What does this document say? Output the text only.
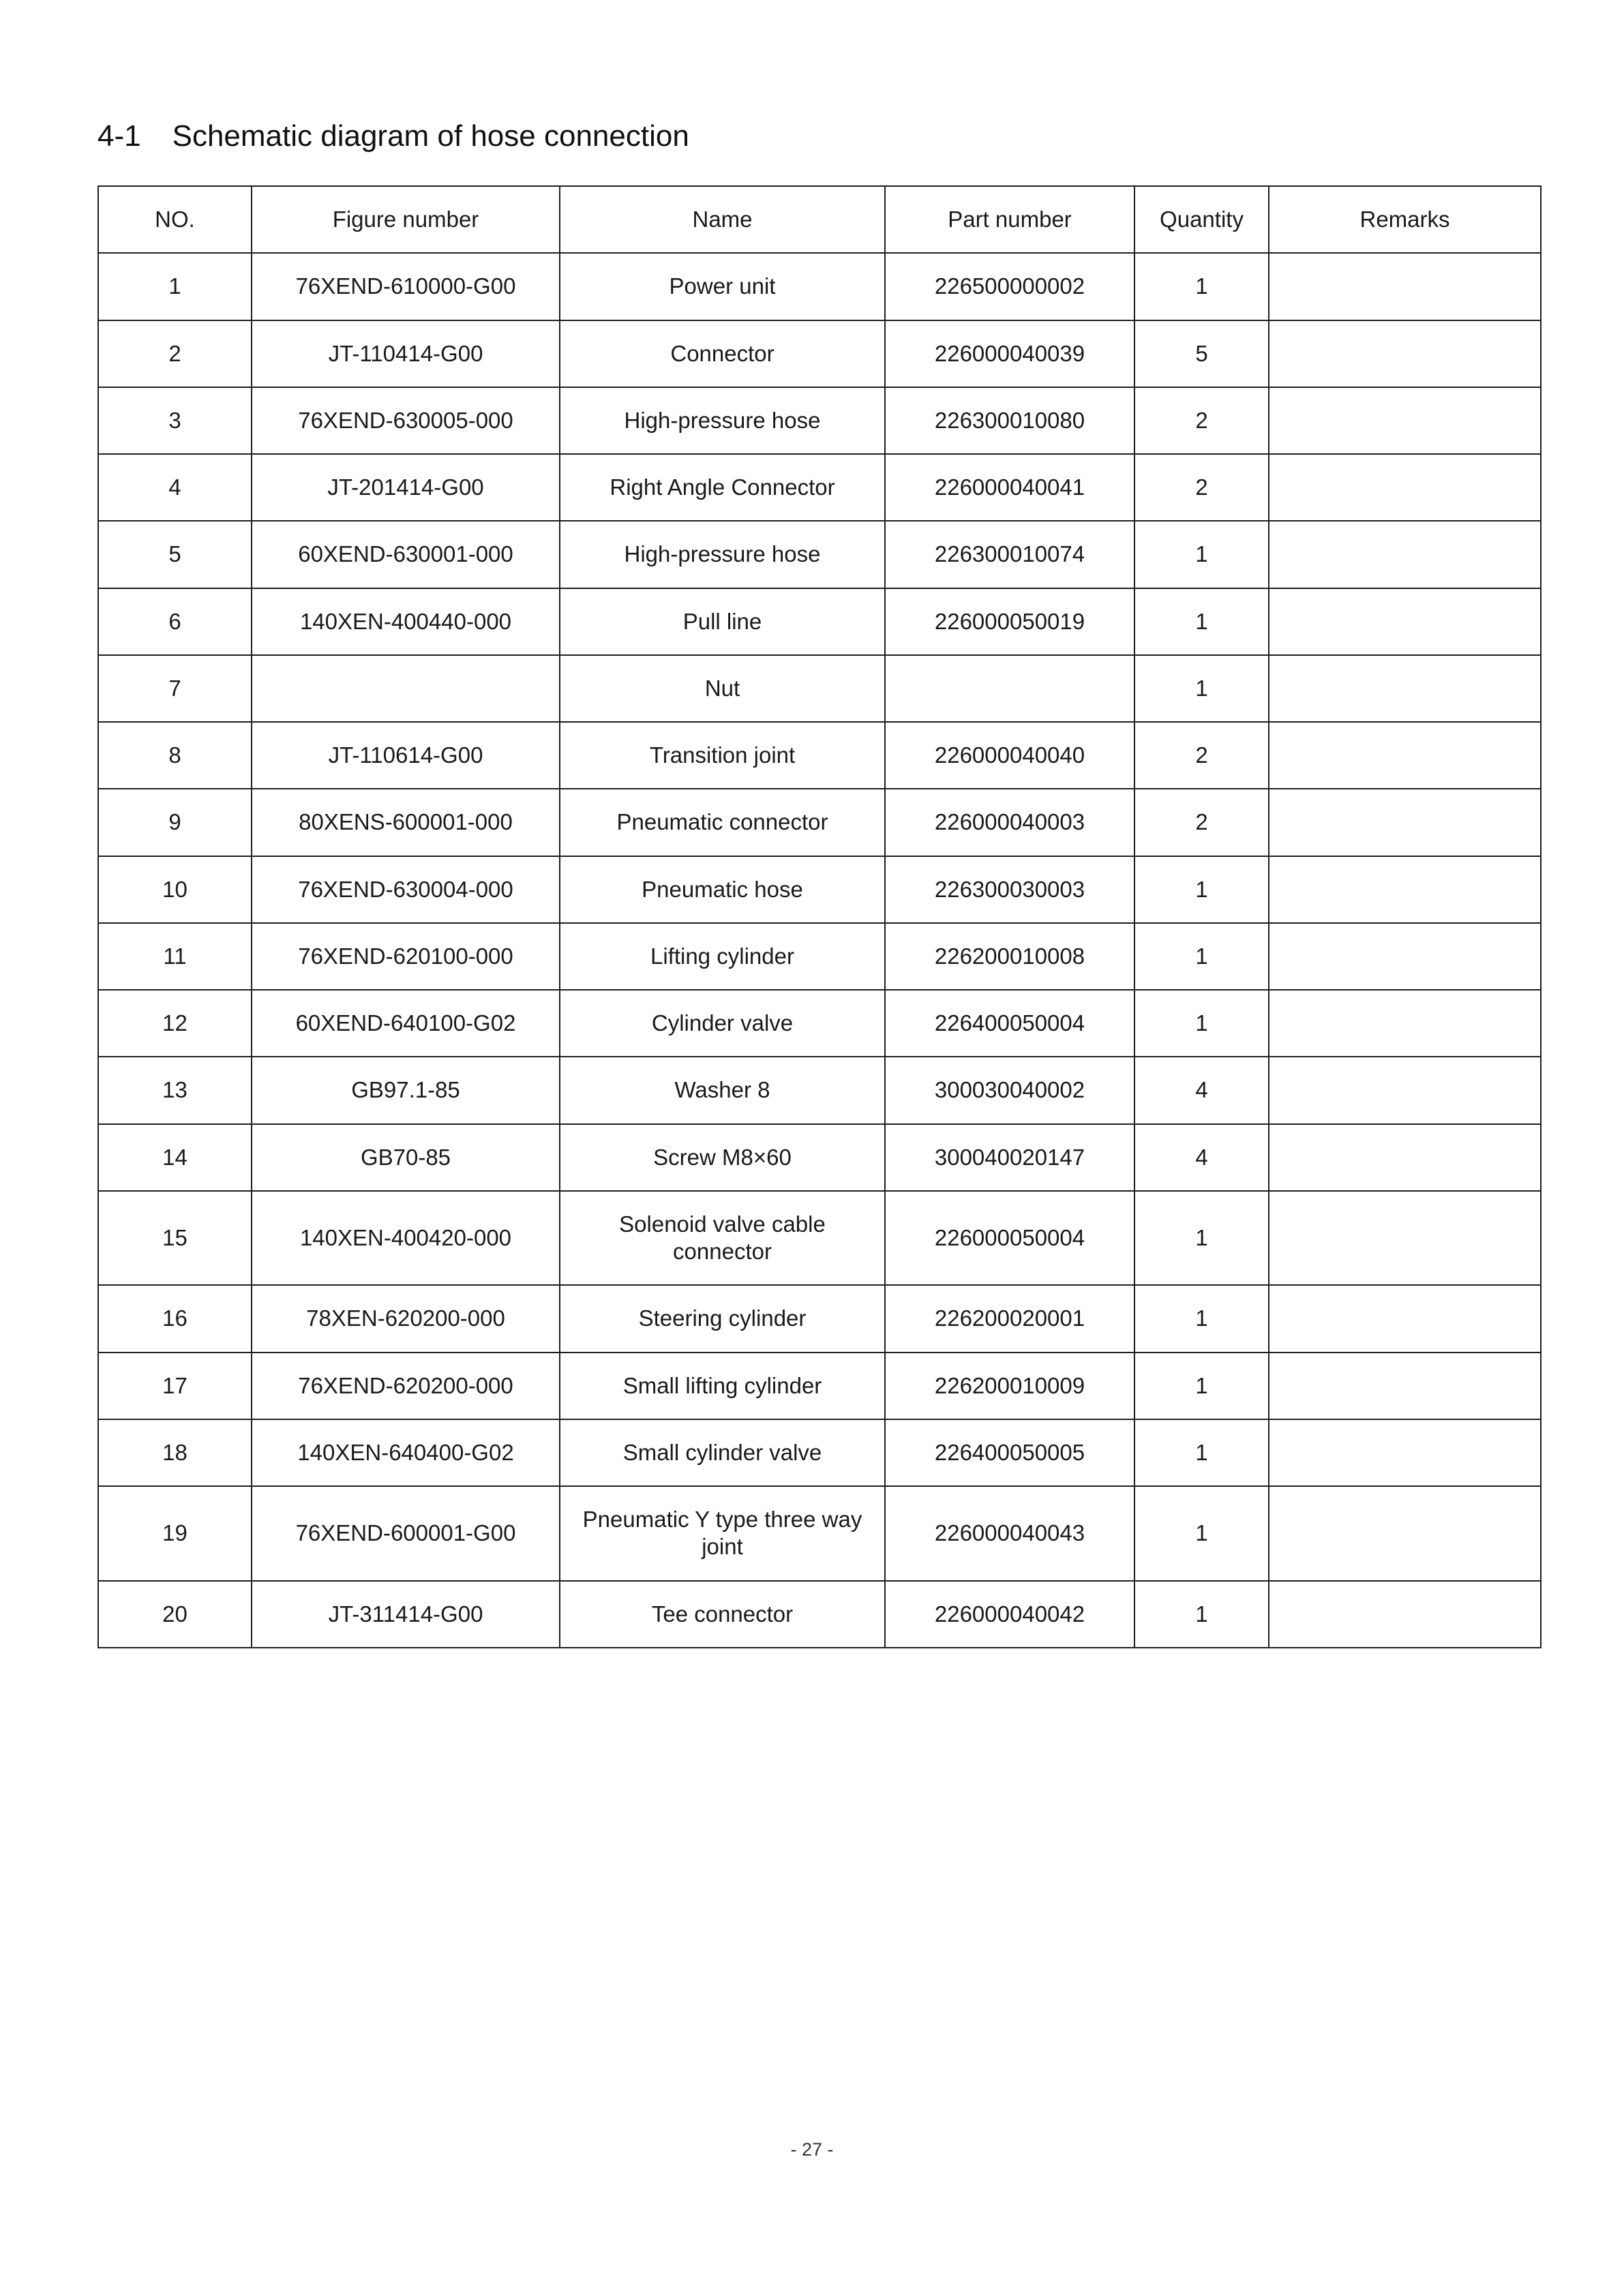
4-1 Schematic diagram of hose connection
NO.	Figure number	Name	Part number	Quantity	Remarks
1	76XEND-610000-G00	Power unit	226500000002	1	
2	JT-110414-G00	Connector	226000040039	5	
3	76XEND-630005-000	High-pressure hose	226300010080	2	
4	JT-201414-G00	Right Angle Connector	226000040041	2	
5	60XEND-630001-000	High-pressure hose	226300010074	1	
6	140XEN-400440-000	Pull line	226000050019	1	
7		Nut		1	
8	JT-110614-G00	Transition joint	226000040040	2	
9	80XENS-600001-000	Pneumatic connector	226000040003	2	
10	76XEND-630004-000	Pneumatic hose	226300030003	1	
11	76XEND-620100-000	Lifting cylinder	226200010008	1	
12	60XEND-640100-G02	Cylinder valve	226400050004	1	
13	GB97.1-85	Washer 8	300030040002	4	
14	GB70-85	Screw M8×60	300040020147	4	
15	140XEN-400420-000	Solenoid valve cable connector	226000050004	1	
16	78XEN-620200-000	Steering cylinder	226200020001	1	
17	76XEND-620200-000	Small lifting cylinder	226200010009	1	
18	140XEN-640400-G02	Small cylinder valve	226400050005	1	
19	76XEND-600001-G00	Pneumatic Y type three way joint	226000040043	1	
20	JT-311414-G00	Tee connector	226000040042	1	
- 27 -
